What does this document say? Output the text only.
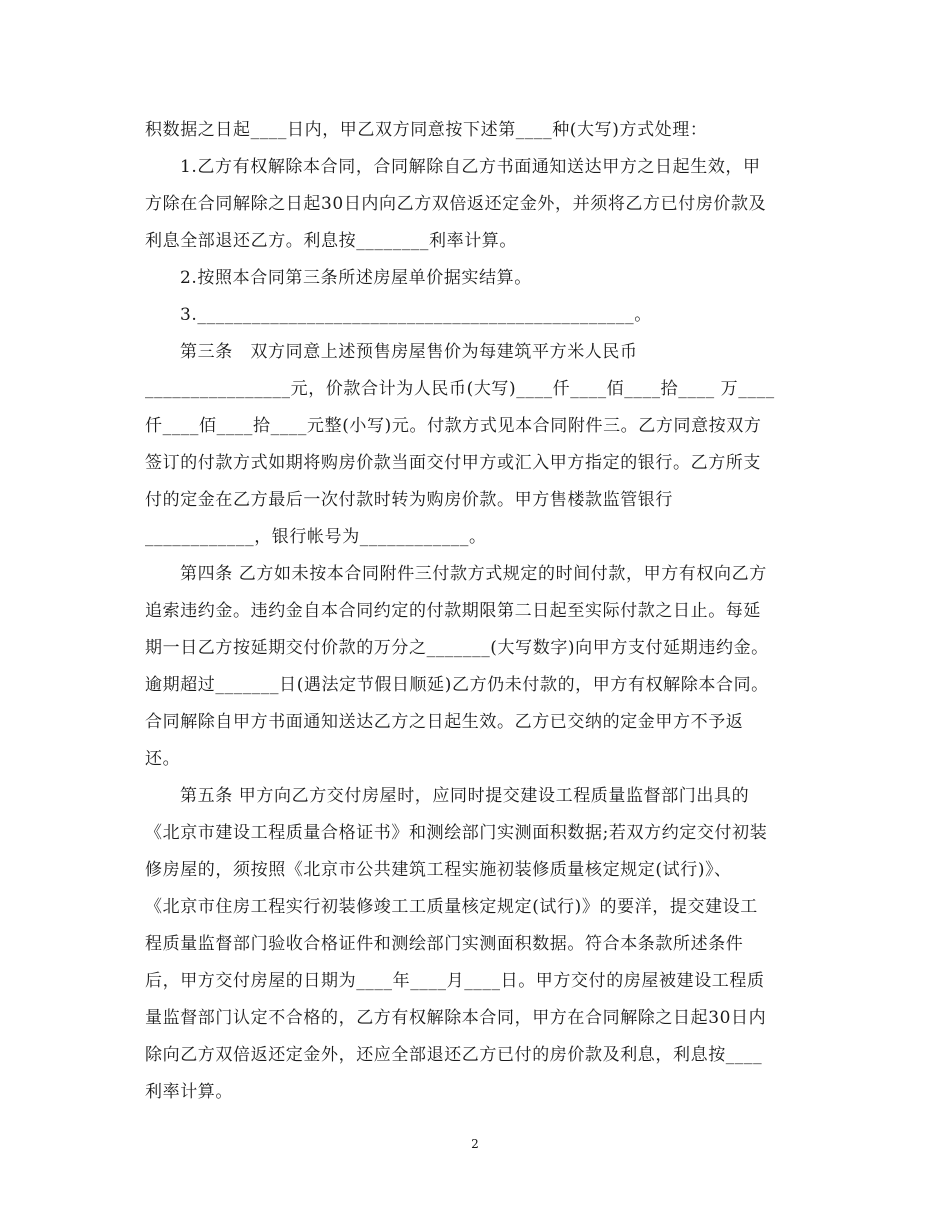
积数据之日起____日内，甲乙双方同意按下述第____种(大写)方式处理：
1.乙方有权解除本合同，合同解除自乙方书面通知送达甲方之日起生效，甲
方除在合同解除之日起30日内向乙方双倍返还定金外，并须将乙方已付房价款及
利息全部退还乙方。利息按________利率计算。
2.按照本合同第三条所述房屋单价据实结算。
3.________________________________________________。
第三条　双方同意上述预售房屋售价为每建筑平方米人民币
________________元，价款合计为人民币(大写)____仟____佰____拾____ 万____
仟____佰____拾____元整(小写)元。付款方式见本合同附件三。乙方同意按双方
签订的付款方式如期将购房价款当面交付甲方或汇入甲方指定的银行。乙方所支
付的定金在乙方最后一次付款时转为购房价款。甲方售楼款监管银行
____________，银行帐号为____________。
第四条 乙方如未按本合同附件三付款方式规定的时间付款，甲方有权向乙方
追索违约金。违约金自本合同约定的付款期限第二日起至实际付款之日止。每延
期一日乙方按延期交付价款的万分之_______(大写数字)向甲方支付延期违约金。
逾期超过_______日(遇法定节假日顺延)乙方仍未付款的，甲方有权解除本合同。
合同解除自甲方书面通知送达乙方之日起生效。乙方已交纳的定金甲方不予返
还。
第五条 甲方向乙方交付房屋时，应同时提交建设工程质量监督部门出具的
《北京市建设工程质量合格证书》和测绘部门实测面积数据;若双方约定交付初装
修房屋的，须按照《北京市公共建筑工程实施初装修质量核定规定(试行)》、
《北京市住房工程实行初装修竣工工质量核定规定(试行)》的要洋，提交建设工
程质量监督部门验收合格证件和测绘部门实测面积数据。符合本条款所述条件
后，甲方交付房屋的日期为____年____月____日。甲方交付的房屋被建设工程质
量监督部门认定不合格的，乙方有权解除本合同，甲方在合同解除之日起30日内
除向乙方双倍返还定金外，还应全部退还乙方已付的房价款及利息，利息按____
利率计算。
2
